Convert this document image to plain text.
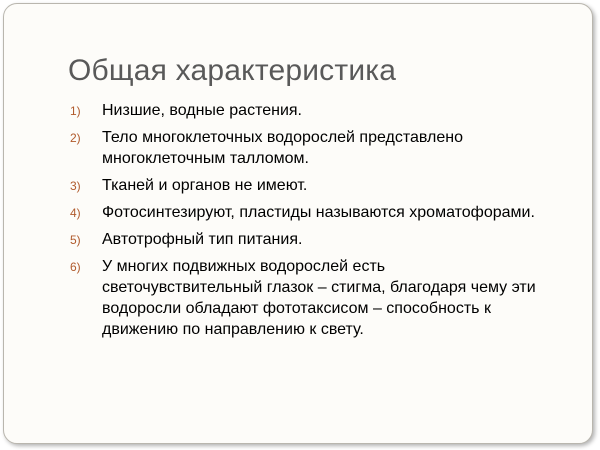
Общая характеристика
1) Низшие, водные растения.
2) Тело многоклеточных водорослей представлено многоклеточным талломом.
3) Тканей и органов не имеют.
4) Фотосинтезируют, пластиды называются хроматофорами.
5) Автотрофный тип питания.
6) У многих подвижных водорослей есть светочувствительный глазок – стигма, благодаря чему эти водоросли обладают фототаксисом – способность к движению по направлению к свету.
